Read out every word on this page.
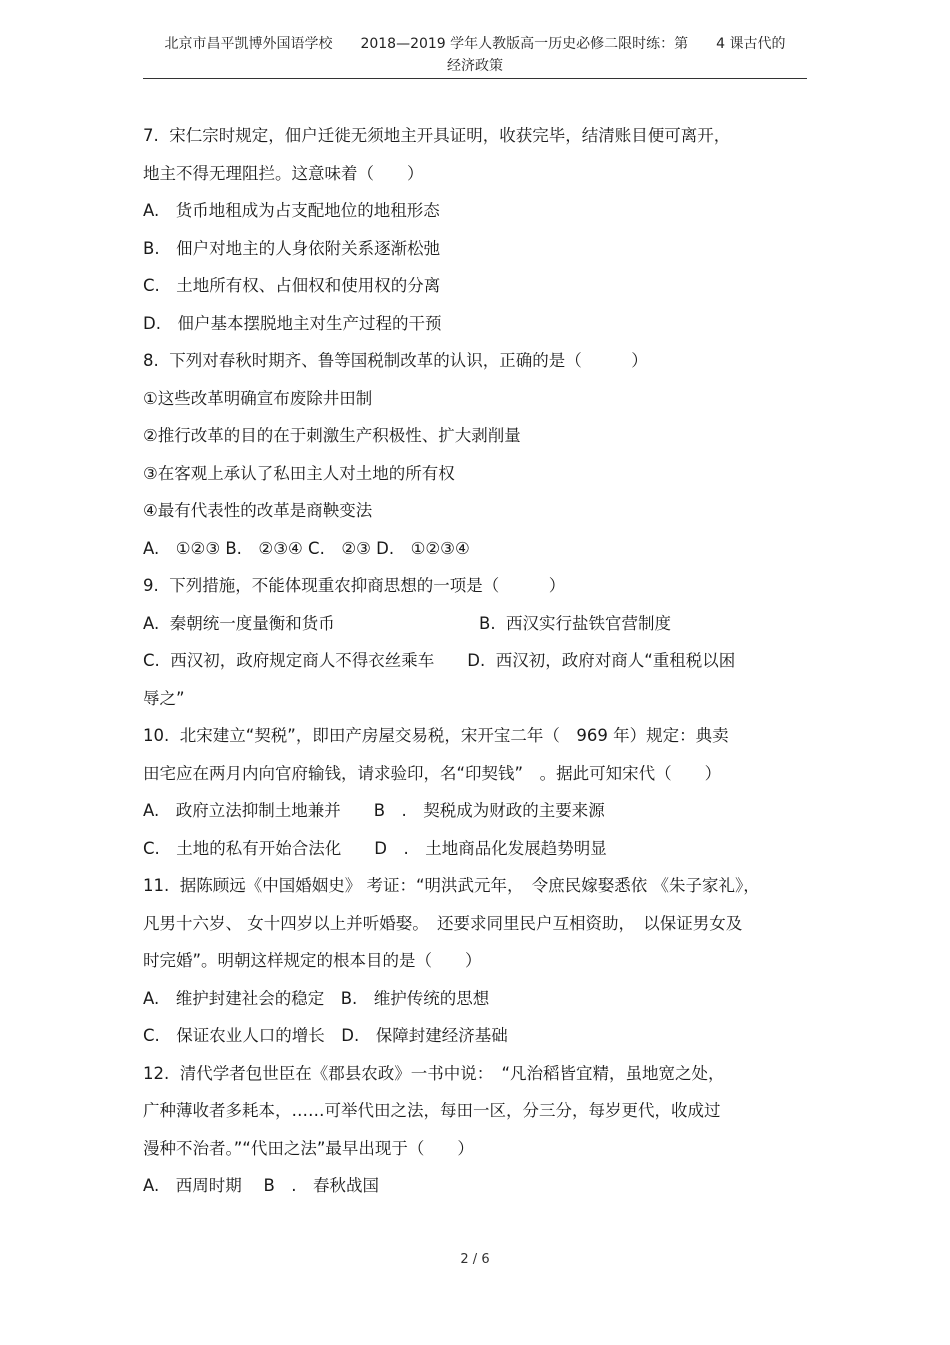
北京市昌平凯博外国语学校　　2018—2019 学年人教版高一历史必修二限时练：第　　4 课古代的
经济政策
7.  宋仁宗时规定，佃户迁徙无须地主开具证明，收获完毕，结清账目便可离开，
地主不得无理阻拦。这意味着（　　）
A.　货币地租成为占支配地位的地租形态
B.　佃户对地主的人身依附关系逐渐松弛
C.　土地所有权、占佃权和使用权的分离
D.　佃户基本摆脱地主对生产过程的干预
8.  下列对春秋时期齐、鲁等国税制改革的认识，正确的是（　　　）
①这些改革明确宣布废除井田制
②推行改革的目的在于刺激生产积极性、扩大剥削量
③在客观上承认了私田主人对土地的所有权
④最有代表性的改革是商鞅变法
A.　①②③ B.　②③④ C.　②③ D.　①②③④
9.  下列措施，不能体现重农抑商思想的一项是（　　　）
A.  秦朝统一度量衡和货币	B.  西汉实行盐铁官营制度
C.  西汉初，政府规定商人不得衣丝乘车　　D.  西汉初，政府对商人“重租税以困
辱之”
10.  北宋建立“契税”，即田产房屋交易税，宋开宝二年（　969 年）规定：典卖
田宅应在两月内向官府输钱，请求验印，名“印契钱”　。据此可知宋代（　　）
A.　政府立法抑制土地兼并　　B　.　契税成为财政的主要来源
C.　土地的私有开始合法化　　D　.　土地商品化发展趋势明显
11.  据陈顾远《中国婚姻史》 考证：“明洪武元年，　令庶民嫁娶悉依 《朱子家礼》，
凡男十六岁、 女十四岁以上并听婚娶。　还要求同里民户互相资助，　以保证男女及
时完婚”。明朝这样规定的根本目的是（　　）
A.　维护封建社会的稳定　B.　维护传统的思想
C.　保证农业人口的增长　D.　保障封建经济基础
12.  清代学者包世臣在《郡县农政》一书中说：　“凡治稻皆宜精，虽地宽之处，
广种薄收者多耗本，……可举代田之法，每田一区，分三分，每岁更代，收成过
漫种不治者。”“代田之法”最早出现于（　　）
A.　西周时期　 B　.　春秋战国
2 / 6
